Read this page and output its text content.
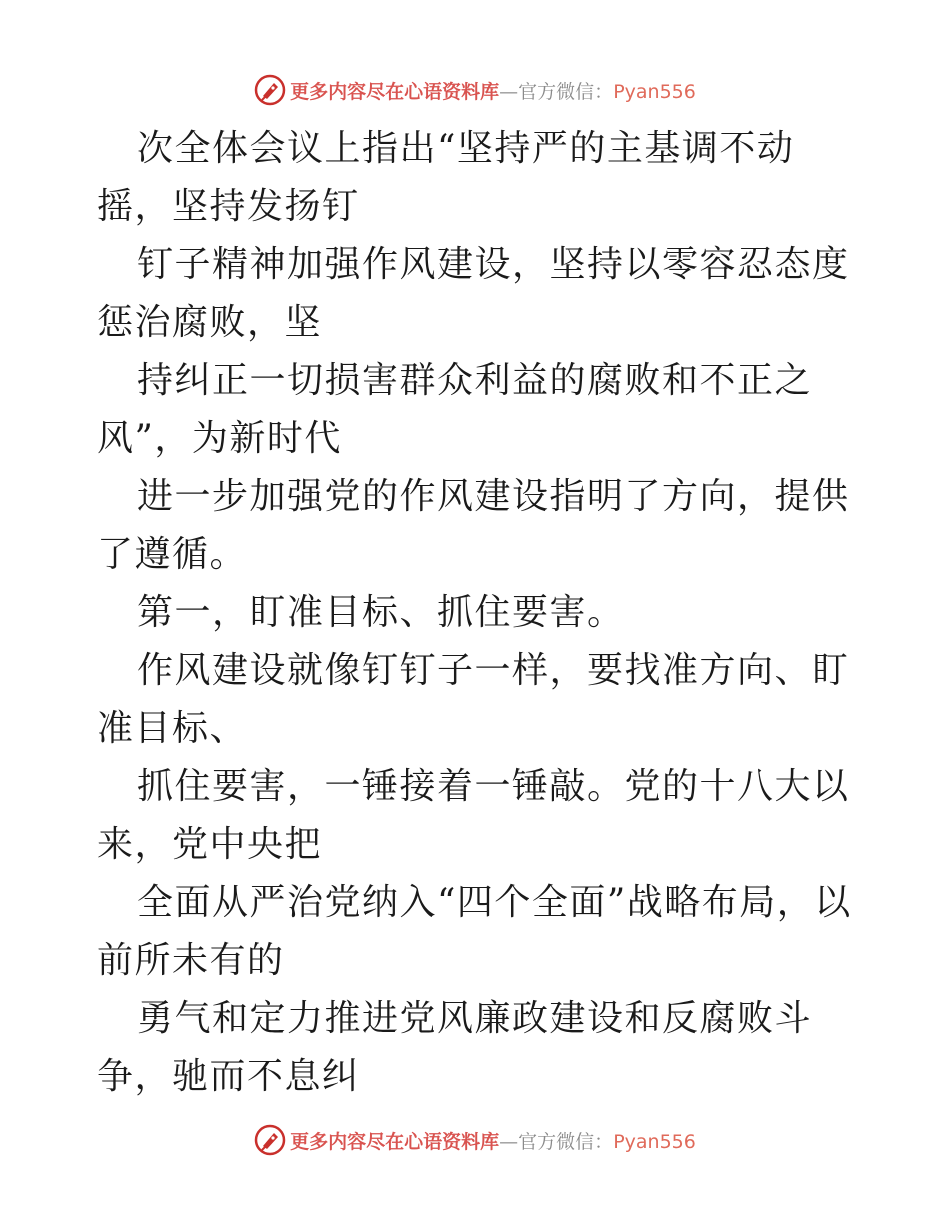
更多内容尽在心语资料库—官方微信：Pyan556

次全体会议上指出“坚持严的主基调不动摇，坚持发扬钉

钉子精神加强作风建设，坚持以零容忍态度惩治腐败，坚

持纠正一切损害群众利益的腐败和不正之风”，为新时代

进一步加强党的作风建设指明了方向，提供了遵循。

第一，盯准目标、抓住要害。

作风建设就像钉钉子一样，要找准方向、盯准目标、

抓住要害，一锤接着一锤敲。党的十八大以来，党中央把

全面从严治党纳入“四个全面”战略布局，以前所未有的

勇气和定力推进党风廉政建设和反腐败斗争，驰而不息纠

更多内容尽在心语资料库—官方微信：Pyan556
